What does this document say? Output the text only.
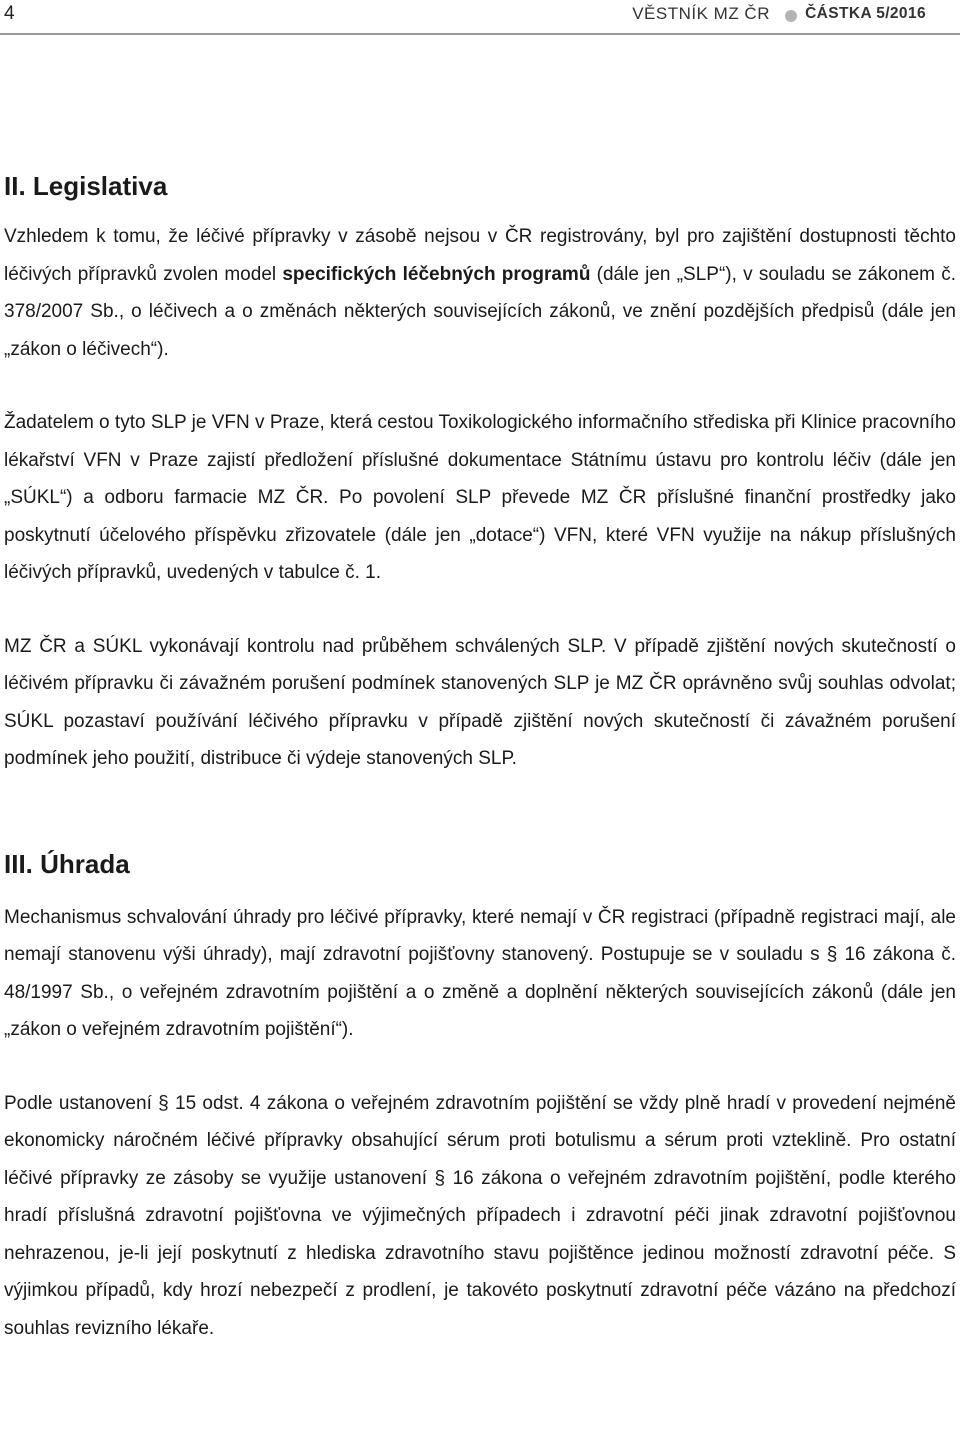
4	VĚSTNÍK MZ ČR ČÁSTKA 5/2016
II. Legislativa

Vzhledem k tomu, že léčivé přípravky v zásobě nejsou v ČR registrovány, byl pro zajištění dostupnosti těchto léčivých přípravků zvolen model specifických léčebných programů (dále jen „SLP“), v souladu se zákonem č. 378/2007 Sb., o léčivech a o změnách některých souvisejících zákonů, ve znění pozdějších předpisů (dále jen „zákon o léčivech“).

Žadatelem o tyto SLP je VFN v Praze, která cestou Toxikologického informačního střediska při Klinice pracovního lékařství VFN v Praze zajistí předložení příslušné dokumentace Státnímu ústavu pro kontrolu léčiv (dále jen „SÚKL“) a odboru farmacie MZ ČR. Po povolení SLP převede MZ ČR příslušné finanční prostředky jako poskytnutí účelového příspěvku zřizovatele (dále jen „dotace“) VFN, které VFN využije na nákup příslušných léčivých přípravků, uvedených v tabulce č. 1.

MZ ČR a SÚKL vykonávají kontrolu nad průběhem schválených SLP. V případě zjištění nových skutečností o léčivém přípravku či závažném porušení podmínek stanovených SLP je MZ ČR oprávněno svůj souhlas odvolat; SÚKL pozastaví používání léčivého přípravku v případě zjištění nových skutečností či závažném porušení podmínek jeho použití, distribuce či výdeje stanovených SLP.

III. Úhrada

Mechanismus schvalování úhrady pro léčivé přípravky, které nemají v ČR registraci (případně registraci mají, ale nemají stanovenu výši úhrady), mají zdravotní pojišťovny stanovený. Postupuje se v souladu s § 16 zákona č. 48/1997 Sb., o veřejném zdravotním pojištění a o změně a doplnění některých souvisejících zákonů (dále jen „zákon o veřejném zdravotním pojištění“).

Podle ustanovení § 15 odst. 4 zákona o veřejném zdravotním pojištění se vždy plně hradí v provedení nejméně ekonomicky náročném léčivé přípravky obsahující sérum proti botulismu a sérum proti vzteklině. Pro ostatní léčivé přípravky ze zásoby se využije ustanovení § 16 zákona o veřejném zdravotním pojištění, podle kterého hradí příslušná zdravotní pojišťovna ve výjimečných případech i zdravotní péči jinak zdravotní pojišťovnou nehrazenou, je-li její poskytnutí z hlediska zdravotního stavu pojištěnce jedinou možností zdravotní péče. S výjimkou případů, kdy hrozí nebezpečí z prodlení, je takovéto poskytnutí zdravotní péče vázáno na předchozí souhlas revizního lékaře.
